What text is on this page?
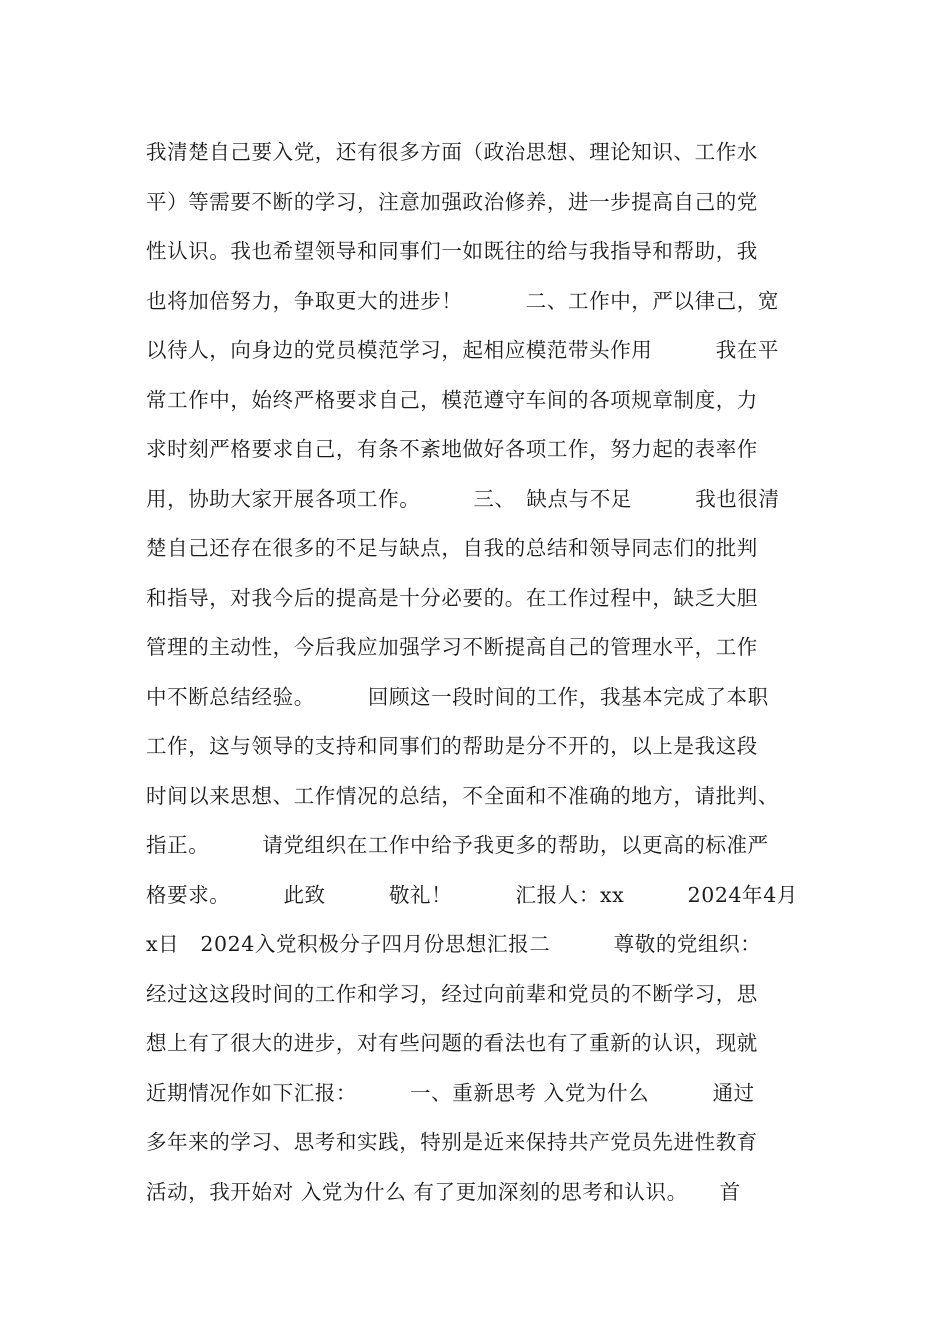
我清楚自己要入党，还有很多方面（政治思想、理论知识、工作水
平）等需要不断的学习，注意加强政治修养，进一步提高自己的党
性认识。我也希望领导和同事们一如既往的给与我指导和帮助，我
也将加倍努力，争取更大的进步！　　　二、工作中，严以律己，宽
以待人，向身边的党员模范学习，起相应模范带头作用　　　我在平
常工作中，始终严格要求自己，模范遵守车间的各项规章制度，力
求时刻严格要求自己，有条不紊地做好各项工作，努力起的表率作
用，协助大家开展各项工作。　　　三、　缺点与不足　　　我也很清
楚自己还存在很多的不足与缺点，自我的总结和领导同志们的批判
和指导，对我今后的提高是十分必要的。在工作过程中，缺乏大胆
管理的主动性，今后我应加强学习不断提高自己的管理水平，工作
中不断总结经验。　　　回顾这一段时间的工作，我基本完成了本职
工作，这与领导的支持和同事们的帮助是分不开的，以上是我这段
时间以来思想、工作情况的总结，不全面和不准确的地方，请批判、
指正。　　　请党组织在工作中给予我更多的帮助，以更高的标准严
格要求。　　　此致　　　敬礼！　　　汇报人：xx　　　2024年4月
x日　2024入党积极分子四月份思想汇报二　　　尊敬的党组织：
经过这这段时间的工作和学习，经过向前辈和党员的不断学习，思
想上有了很大的进步，对有些问题的看法也有了重新的认识，现就
近期情况作如下汇报：　　　一、重新思考 入党为什么　　　通过
多年来的学习、思考和实践，特别是近来保持共产党员先进性教育
活动，我开始对 入党为什么 有了更加深刻的思考和认识。　　首
